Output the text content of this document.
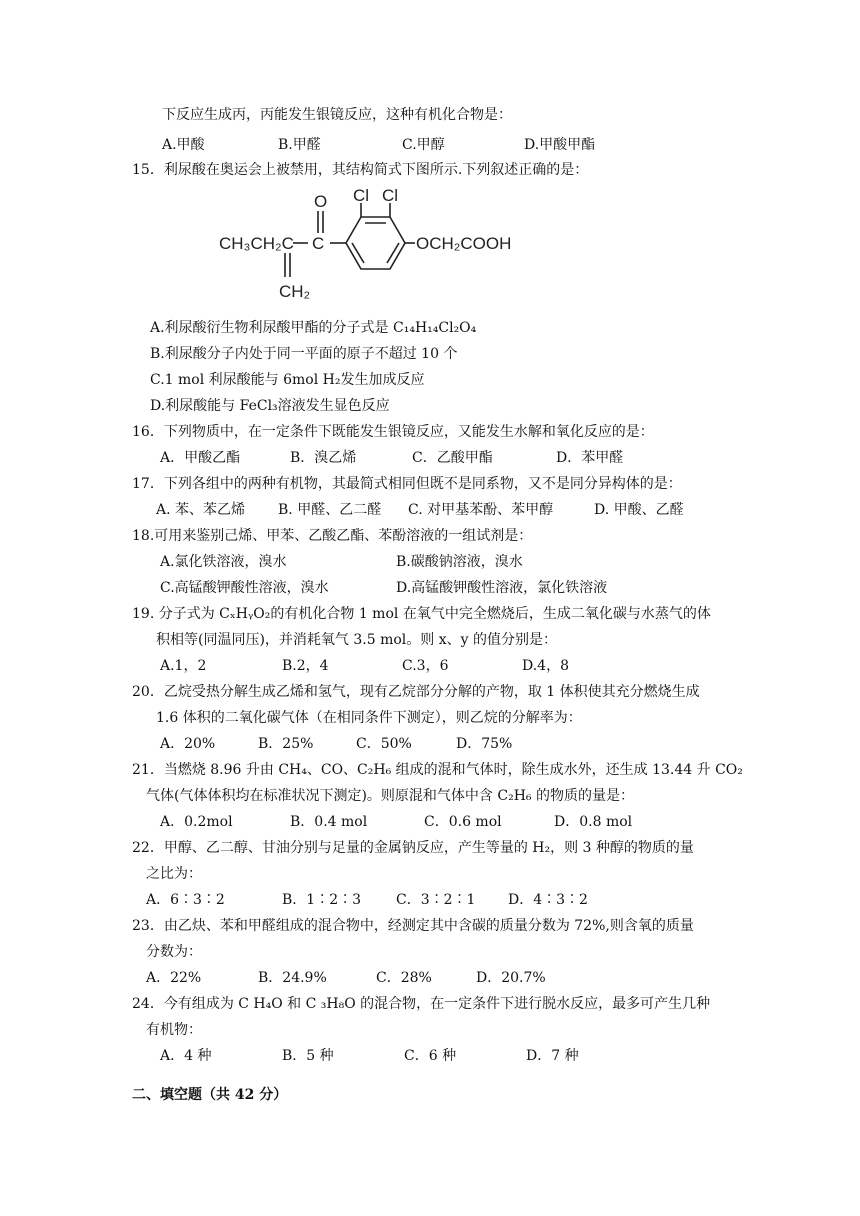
下反应生成丙，丙能发生银镜反应，这种有机化合物是：
A.甲酸	B.甲醛	C.甲醇	D.甲酸甲酯
15．利尿酸在奥运会上被禁用，其结构简式下图所示.下列叙述正确的是：
CH₃CH₂C
O
C
CH₂
Cl Cl
OCH₂COOH
A.利尿酸衍生物利尿酸甲酯的分子式是 C₁₄H₁₄Cl₂O₄
B.利尿酸分子内处于同一平面的原子不超过 10 个
C.1 mol 利尿酸能与 6mol H₂发生加成反应
D.利尿酸能与 FeCl₃溶液发生显色反应
16．下列物质中，在一定条件下既能发生银镜反应，又能发生水解和氧化反应的是：
A．甲酸乙酯	B．溴乙烯	C．乙酸甲酯	D．苯甲醛
17．下列各组中的两种有机物，其最简式相同但既不是同系物，又不是同分异构体的是：
A. 苯、苯乙烯 B. 甲醛、乙二醛 C. 对甲基苯酚、苯甲醇	D. 甲酸、乙醛
18.可用来鉴别己烯、甲苯、乙酸乙酯、苯酚溶液的一组试剂是：
A.氯化铁溶液，溴水	B.碳酸钠溶液，溴水
C.高锰酸钾酸性溶液，溴水	D.高锰酸钾酸性溶液，氯化铁溶液
19. 分子式为 CₓHᵧO₂的有机化合物 1 mol 在氧气中完全燃烧后，生成二氧化碳与水蒸气的体
积相等(同温同压)，并消耗氧气 3.5 mol。则 x、y 的值分别是：
A.1，2	B.2，4	C.3，6	D.4，8
20．乙烷受热分解生成乙烯和氢气，现有乙烷部分分解的产物，取 1 体积使其充分燃烧生成
1.6 体积的二氧化碳气体（在相同条件下测定），则乙烷的分解率为：
A．20%	B．25%	C．50%	D．75%
21．当燃烧 8.96 升由 CH₄、CO、C₂H₆ 组成的混和气体时，除生成水外，还生成 13.44 升 CO₂
气体(气体体积均在标准状况下测定)。则原混和气体中含 C₂H₆ 的物质的量是：
A．0.2mol	B．0.4 mol	C．0.6 mol	D．0.8 mol
22．甲醇、乙二醇、甘油分别与足量的金属钠反应，产生等量的 H₂，则 3 种醇的物质的量
之比为：
A．6∶3∶2	B．1∶2∶3 C．3∶2∶1 D．4∶3∶2
23．由乙炔、苯和甲醛组成的混合物中，经测定其中含碳的质量分数为 72%,则含氧的质量
分数为：
A．22%	B．24.9%	C．28%	D．20.7%
24．今有组成为 C H₄O 和 C ₃H₈O 的混合物，在一定条件下进行脱水反应，最多可产生几种
有机物：
A．4 种	B．5 种	C．6 种	D．7 种
二、填空题（共 42 分）
